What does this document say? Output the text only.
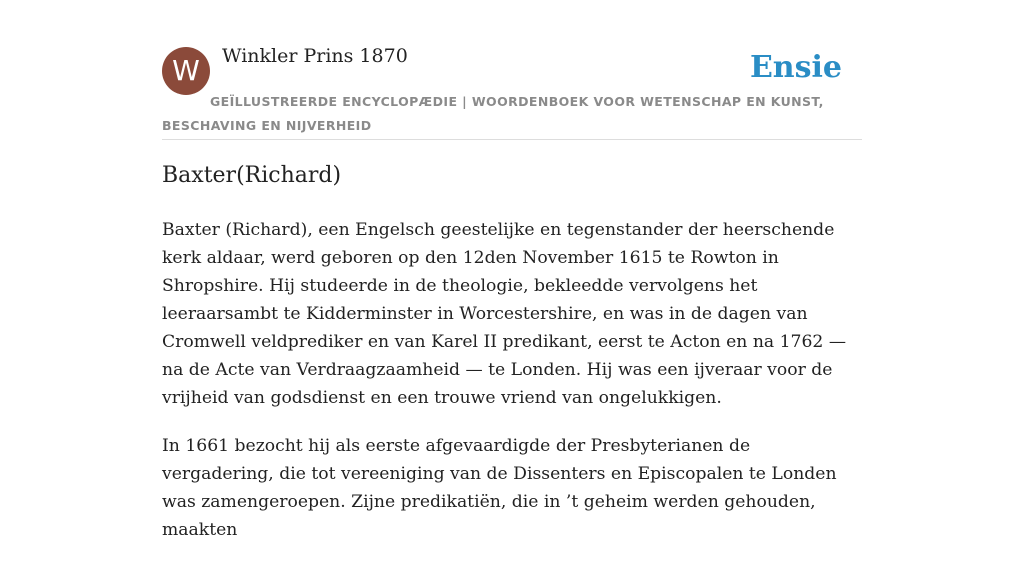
W	Winkler Prins 1870	Ensie
GEÏLLUSTREERDE ENCYCLOPÆDIE | WOORDENBOEK VOOR WETENSCHAP EN KUNST, BESCHAVING EN NIJVERHEID
Baxter(Richard)

Baxter (Richard), een Engelsch geestelijke en tegenstander der heerschende kerk aldaar, werd geboren op den 12den November 1615 te Rowton in Shropshire. Hij studeerde in de theologie, bekleedde vervolgens het leeraarsambt te Kidderminster in Worcestershire, en was in de dagen van Cromwell veldprediker en van Karel II predikant, eerst te Acton en na 1762 — na de Acte van Verdraagzaamheid — te Londen. Hij was een ijveraar voor de vrijheid van godsdienst en een trouwe vriend van ongelukkigen.

In 1661 bezocht hij als eerste afgevaardigde der Presbyterianen de vergadering, die tot vereeniging van de Dissenters en Episcopalen te Londen was zamengeroepen. Zijne predikatiën, die in ’t geheim werden gehouden, maakten
